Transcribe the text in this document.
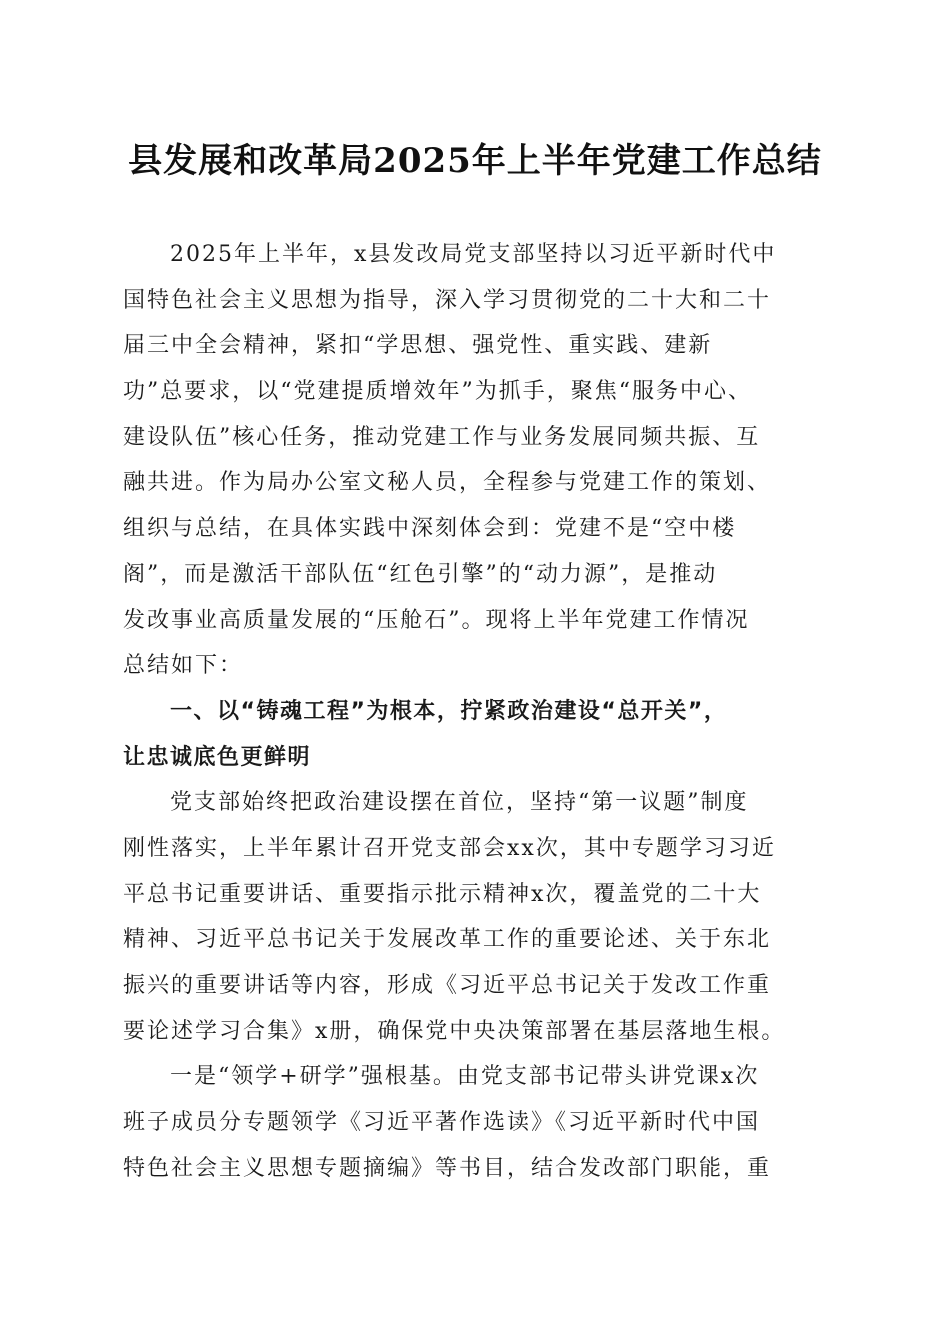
县发展和改革局2025年上半年党建工作总结
2025年上半年，x县发改局党支部坚持以习近平新时代中
国特色社会主义思想为指导，深入学习贯彻党的二十大和二十
届三中全会精神，紧扣“学思想、强党性、重实践、建新
功”总要求，以“党建提质增效年”为抓手，聚焦“服务中心、
建设队伍”核心任务，推动党建工作与业务发展同频共振、互
融共进。作为局办公室文秘人员，全程参与党建工作的策划、
组织与总结，在具体实践中深刻体会到：党建不是“空中楼
阁”，而是激活干部队伍“红色引擎”的“动力源”，是推动
发改事业高质量发展的“压舱石”。现将上半年党建工作情况
总结如下：
一、以“铸魂工程”为根本，拧紧政治建设“总开关”，
让忠诚底色更鲜明
党支部始终把政治建设摆在首位，坚持“第一议题”制度
刚性落实，上半年累计召开党支部会xx次，其中专题学习习近
平总书记重要讲话、重要指示批示精神x次，覆盖党的二十大
精神、习近平总书记关于发展改革工作的重要论述、关于东北
振兴的重要讲话等内容，形成《习近平总书记关于发改工作重
要论述学习合集》x册，确保党中央决策部署在基层落地生根。
一是“领学+研学”强根基。由党支部书记带头讲党课x次
班子成员分专题领学《习近平著作选读》《习近平新时代中国
特色社会主义思想专题摘编》等书目，结合发改部门职能，重
